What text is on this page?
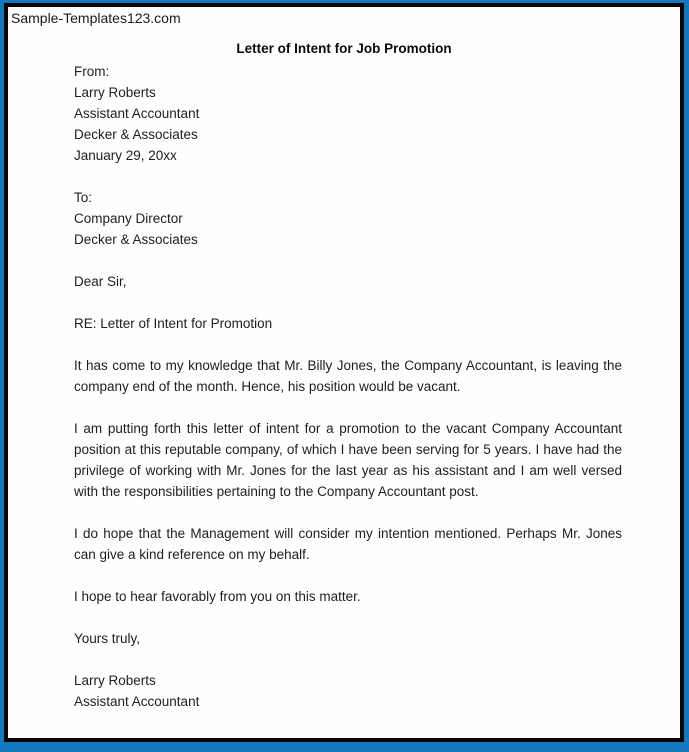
Sample-Templates123.com
Letter of Intent for Job Promotion
From:
Larry Roberts
Assistant Accountant
Decker & Associates
January 29, 20xx
To:
Company Director
Decker & Associates

Dear Sir,

RE: Letter of Intent for Promotion

It has come to my knowledge that Mr. Billy Jones, the Company Accountant, is leaving the company end of the month. Hence, his position would be vacant.

I am putting forth this letter of intent for a promotion to the vacant Company Accountant position at this reputable company, of which I have been serving for 5 years. I have had the privilege of working with Mr. Jones for the last year as his assistant and I am well versed with the responsibilities pertaining to the Company Accountant post.

I do hope that the Management will consider my intention mentioned. Perhaps Mr. Jones can give a kind reference on my behalf.

I hope to hear favorably from you on this matter.

Yours truly,

Larry Roberts
Assistant Accountant
